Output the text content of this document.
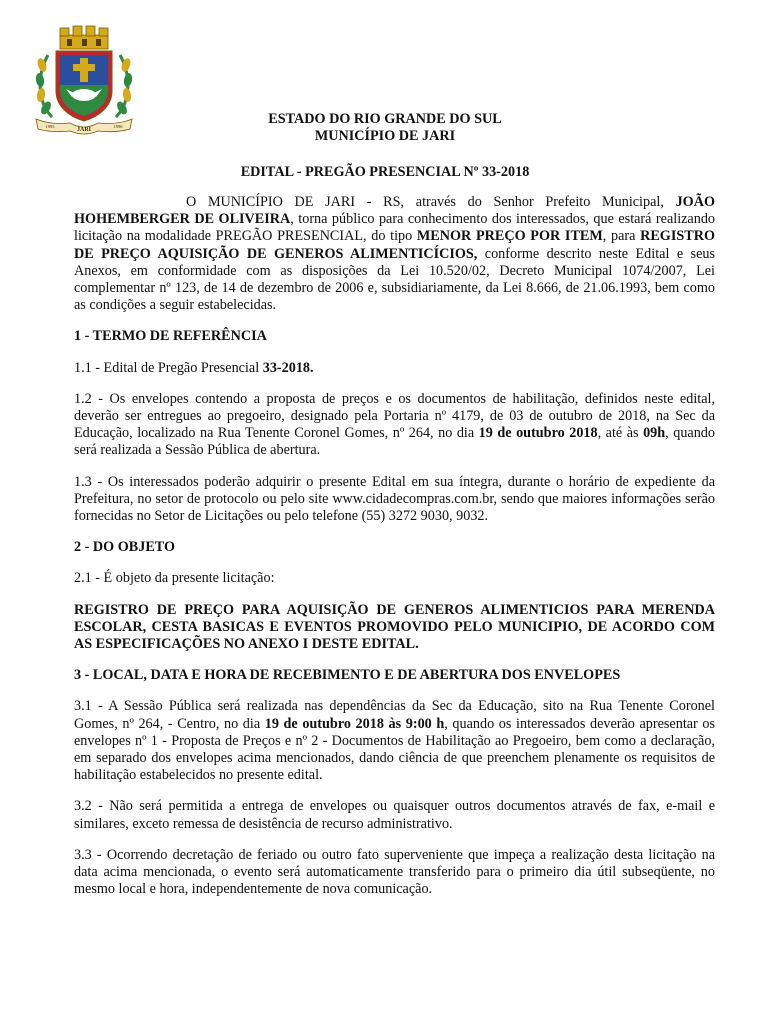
JARI
1995	1996	ESTADO DO RIO GRANDE DO SUL
MUNICÍPIO DE JARI
EDITAL - PREGÃO PRESENCIAL Nº 33-2018

O MUNICÍPIO DE JARI - RS, através do Senhor Prefeito Municipal, JOÃO HOHEMBERGER DE OLIVEIRA, torna público para conhecimento dos interessados, que estará realizando licitação na modalidade PREGÃO PRESENCIAL, do tipo MENOR PREÇO POR ITEM, para REGISTRO DE PREÇO AQUISIÇÃO DE GENEROS ALIMENTICÍCIOS, conforme descrito neste Edital e seus Anexos, em conformidade com as disposições da Lei 10.520/02, Decreto Municipal 1074/2007, Lei complementar nº 123, de 14 de dezembro de 2006 e, subsidiariamente, da Lei 8.666, de 21.06.1993, bem como as condições a seguir estabelecidas.

1 - TERMO DE REFERÊNCIA

1.1 - Edital de Pregão Presencial 33-2018.

1.2 - Os envelopes contendo a proposta de preços e os documentos de habilitação, definidos neste edital, deverão ser entregues ao pregoeiro, designado pela Portaria nº 4179, de 03 de outubro de 2018, na Sec da Educação, localizado na Rua Tenente Coronel Gomes, nº 264, no dia 19 de outubro 2018, até às 09h, quando será realizada a Sessão Pública de abertura.

1.3 - Os interessados poderão adquirir o presente Edital em sua íntegra, durante o horário de expediente da Prefeitura, no setor de protocolo ou pelo site www.cidadecompras.com.br, sendo que maiores informações serão fornecidas no Setor de Licitações ou pelo telefone (55) 3272 9030, 9032.

2 - DO OBJETO

2.1 - É objeto da presente licitação:

REGISTRO DE PREÇO PARA AQUISIÇÃO DE GENEROS ALIMENTICIOS PARA MERENDA ESCOLAR, CESTA BASICAS E EVENTOS PROMOVIDO PELO MUNICIPIO, DE ACORDO COM AS ESPECIFICAÇÕES NO ANEXO I DESTE EDITAL.

3 - LOCAL, DATA E HORA DE RECEBIMENTO E DE ABERTURA DOS ENVELOPES

3.1 - A Sessão Pública será realizada nas dependências da Sec da Educação, sito na Rua Tenente Coronel Gomes, nº 264, - Centro, no dia 19 de outubro 2018 às 9:00 h, quando os interessados deverão apresentar os envelopes nº 1 - Proposta de Preços e nº 2 - Documentos de Habilitação ao Pregoeiro, bem como a declaração, em separado dos envelopes acima mencionados, dando ciência de que preenchem plenamente os requisitos de habilitação estabelecidos no presente edital.

3.2 - Não será permitida a entrega de envelopes ou quaisquer outros documentos através de fax, e-mail e similares, exceto remessa de desistência de recurso administrativo.

3.3 - Ocorrendo decretação de feriado ou outro fato superveniente que impeça a realização desta licitação na data acima mencionada, o evento será automaticamente transferido para o primeiro dia útil subseqüente, no mesmo local e hora, independentemente de nova comunicação.
